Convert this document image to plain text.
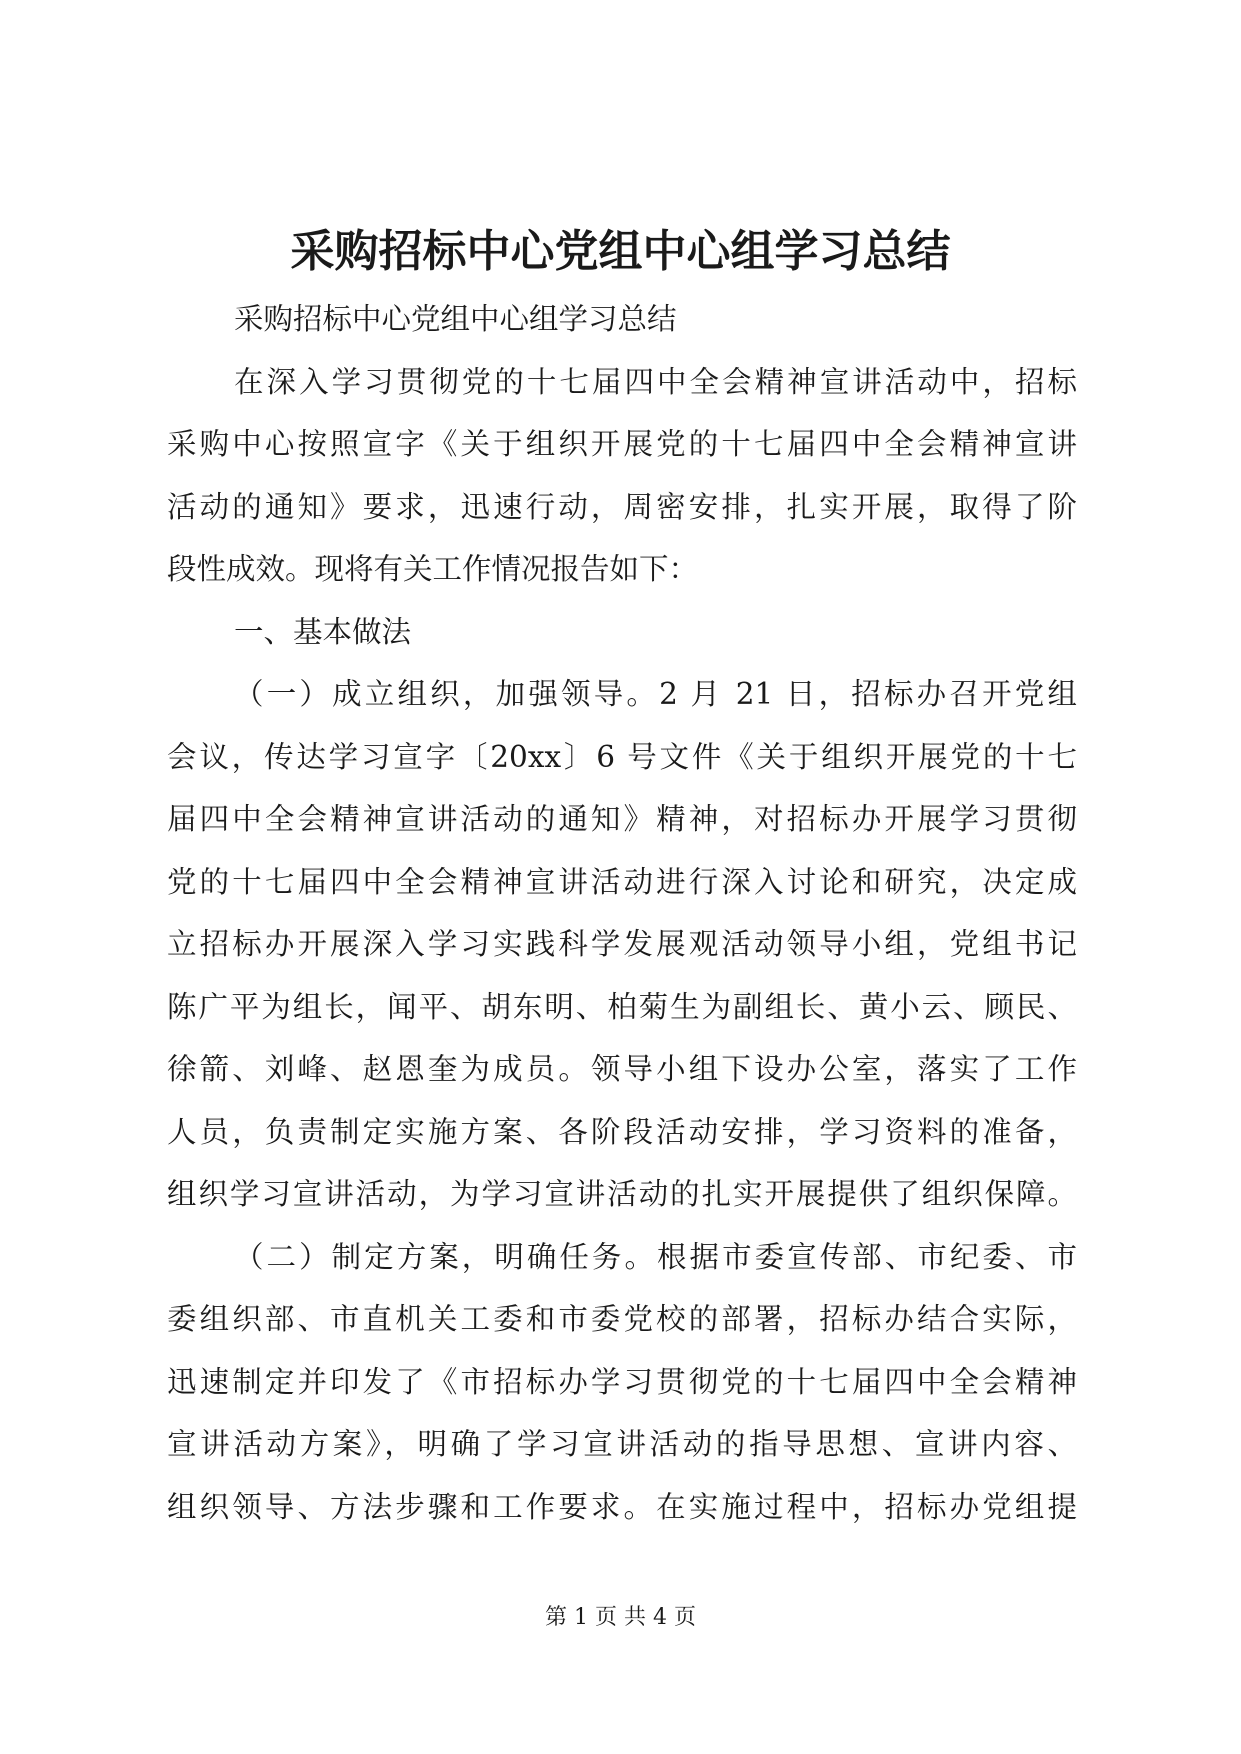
采购招标中心党组中心组学习总结
采购招标中心党组中心组学习总结
在深入学习贯彻党的十七届四中全会精神宣讲活动中，招标
采购中心按照宣字《关于组织开展党的十七届四中全会精神宣讲
活动的通知》要求，迅速行动，周密安排，扎实开展，取得了阶
段性成效。现将有关工作情况报告如下：
一、基本做法
（一）成立组织，加强领导。2 月 21 日，招标办召开党组
会议，传达学习宣字〔20xx〕6 号文件《关于组织开展党的十七
届四中全会精神宣讲活动的通知》精神，对招标办开展学习贯彻
党的十七届四中全会精神宣讲活动进行深入讨论和研究，决定成
立招标办开展深入学习实践科学发展观活动领导小组，党组书记
陈广平为组长，闻平、胡东明、柏菊生为副组长、黄小云、顾民、
徐箭、刘峰、赵恩奎为成员。领导小组下设办公室，落实了工作
人员，负责制定实施方案、各阶段活动安排，学习资料的准备，
组织学习宣讲活动，为学习宣讲活动的扎实开展提供了组织保障。
（二）制定方案，明确任务。根据市委宣传部、市纪委、市
委组织部、市直机关工委和市委党校的部署，招标办结合实际，
迅速制定并印发了《市招标办学习贯彻党的十七届四中全会精神
宣讲活动方案》，明确了学习宣讲活动的指导思想、宣讲内容、
组织领导、方法步骤和工作要求。在实施过程中，招标办党组提
第 1 页 共 4 页
